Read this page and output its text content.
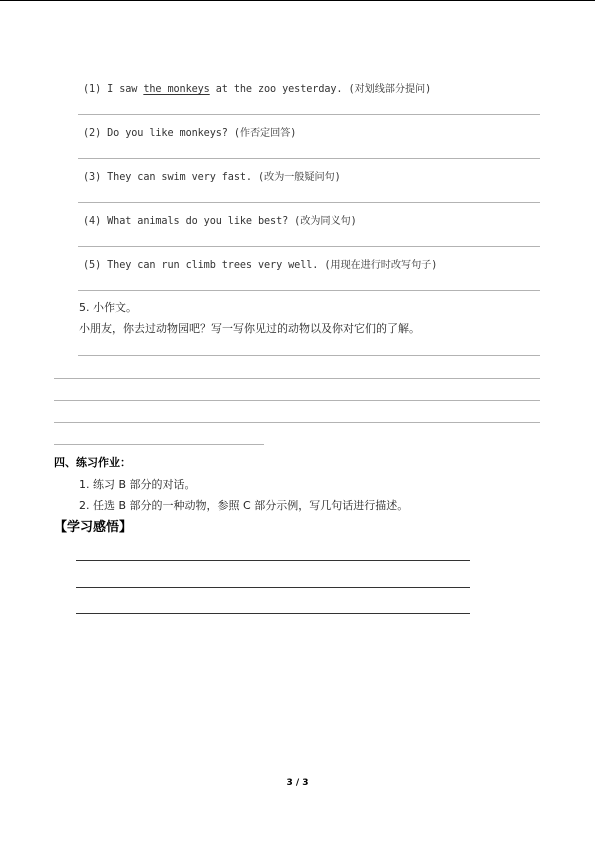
(1) I saw the monkeys at the zoo yesterday. (对划线部分提问)
(2) Do you like monkeys? (作否定回答)
(3) They can swim very fast. (改为一般疑问句)
(4) What animals do you like best? (改为同义句)
(5) They can run climb trees very well. (用现在进行时改写句子)
5. 小作文。
小朋友，你去过动物园吧？写一写你见过的动物以及你对它们的了解。
四、练习作业：
1. 练习 B 部分的对话。
2. 任选 B 部分的一种动物，参照 C 部分示例，写几句话进行描述。
【学习感悟】
3 / 3
